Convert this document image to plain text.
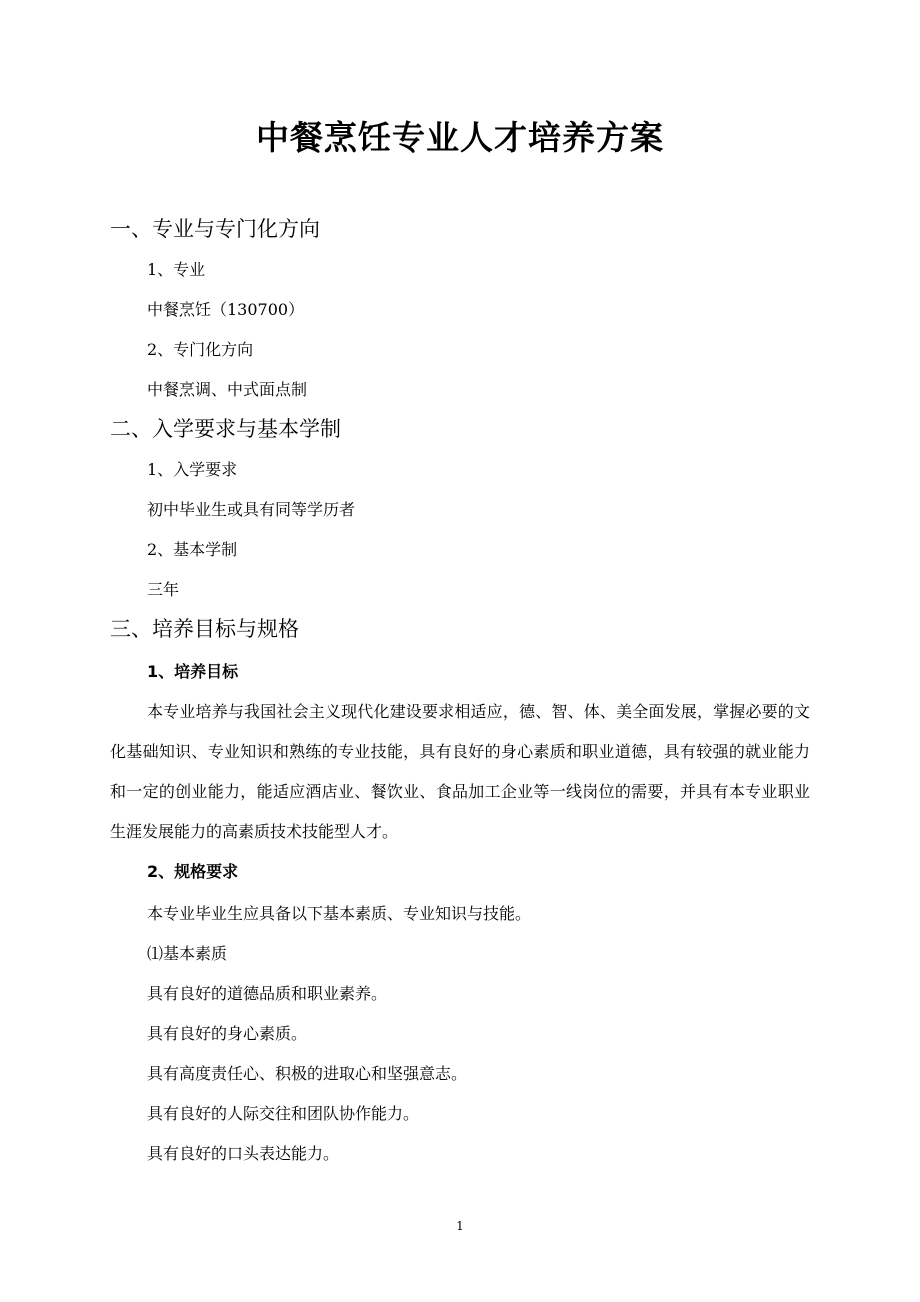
中餐烹饪专业人才培养方案
一、专业与专门化方向
1、专业
中餐烹饪（130700）
2、专门化方向
中餐烹调、中式面点制
二、入学要求与基本学制
1、入学要求
初中毕业生或具有同等学历者
2、基本学制
三年
三、培养目标与规格
1、培养目标
本专业培养与我国社会主义现代化建设要求相适应，德、智、体、美全面发展，掌握必要的文化基础知识、专业知识和熟练的专业技能，具有良好的身心素质和职业道德，具有较强的就业能力和一定的创业能力，能适应酒店业、餐饮业、食品加工企业等一线岗位的需要，并具有本专业职业生涯发展能力的高素质技术技能型人才。
2、规格要求
本专业毕业生应具备以下基本素质、专业知识与技能。
⑴基本素质
具有良好的道德品质和职业素养。
具有良好的身心素质。
具有高度责任心、积极的进取心和坚强意志。
具有良好的人际交往和团队协作能力。
具有良好的口头表达能力。
1
